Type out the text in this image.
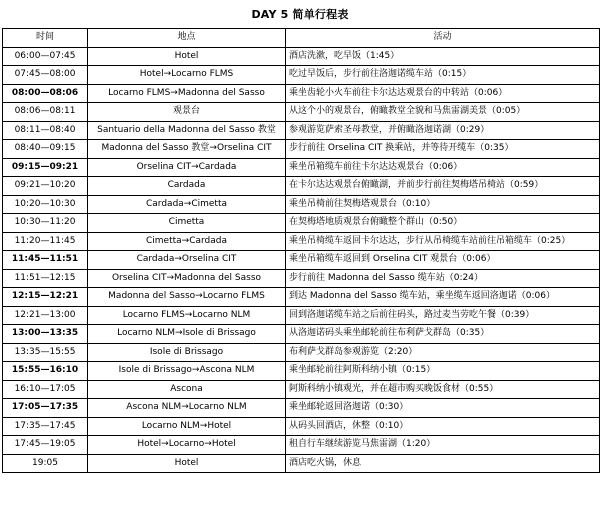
DAY 5 简单行程表
时间	地点	活动
06:00—07:45	Hotel	酒店洗漱，吃早饭（1:45）
07:45—08:00	Hotel→Locarno FLMS	吃过早饭后，步行前往洛迦诺缆车站（0:15）
08:00—08:06	Locarno FLMS→Madonna del Sasso	乘坐齿轮小火车前往卡尔达达观景台的中转站（0:06）
08:06—08:11	观景台	从这个小的观景台，俯瞰教堂全貌和马焦雷湖美景（0:05）
08:11—08:40	Santuario della Madonna del Sasso 教堂	参观游览萨索圣母教堂，并俯瞰洛迦诺湖（0:29）
08:40—09:15	Madonna del Sasso 教堂→Orselina CIT	步行前往 Orselina CIT 换乘站，并等待开缆车（0:35）
09:15—09:21	Orselina CIT→Cardada	乘坐吊箱缆车前往卡尔达达观景台（0:06）
09:21—10:20	Cardada	在卡尔达达观景台俯瞰湖，并前步行前往契梅塔吊椅站（0:59）
10:20—10:30	Cardada→Cimetta	乘坐吊椅前往契梅塔观景台（0:10）
10:30—11:20	Cimetta	在契梅塔地质观景台俯瞰整个群山（0:50）
11:20—11:45	Cimetta→Cardada	乘坐吊椅缆车返回卡尔达达，步行从吊椅缆车站前往吊箱缆车（0:25）
11:45—11:51	Cardada→Orselina CIT	乘坐吊箱缆车返回到 Orselina CIT 观景台（0:06）
11:51—12:15	Orselina CIT→Madonna del Sasso	步行前往 Madonna del Sasso 缆车站（0:24）
12:15—12:21	Madonna del Sasso→Locarno FLMS	到达 Madonna del Sasso 缆车站，乘坐缆车返回洛迦诺（0:06）
12:21—13:00	Locarno FLMS→Locarno NLM	回到洛迦诺缆车站之后前往码头，路过麦当劳吃午餐（0:39）
13:00—13:35	Locarno NLM→Isole di Brissago	从洛迦诺码头乘坐邮轮前往布利萨戈群岛（0:35）
13:35—15:55	Isole di Brissago	布利萨戈群岛参观游览（2:20）
15:55—16:10	Isole di Brissago→Ascona NLM	乘坐邮轮前往阿斯科纳小镇（0:15）
16:10—17:05	Ascona	阿斯科纳小镇观光，并在超市购买晚饭食材（0:55）
17:05—17:35	Ascona NLM→Locarno NLM	乘坐邮轮返回洛迦诺（0:30）
17:35—17:45	Locarno NLM→Hotel	从码头回酒店，休整（0:10）
17:45—19:05	Hotel→Locarno→Hotel	租自行车继续游览马焦雷湖（1:20）
19:05	Hotel	酒店吃火锅，休息
